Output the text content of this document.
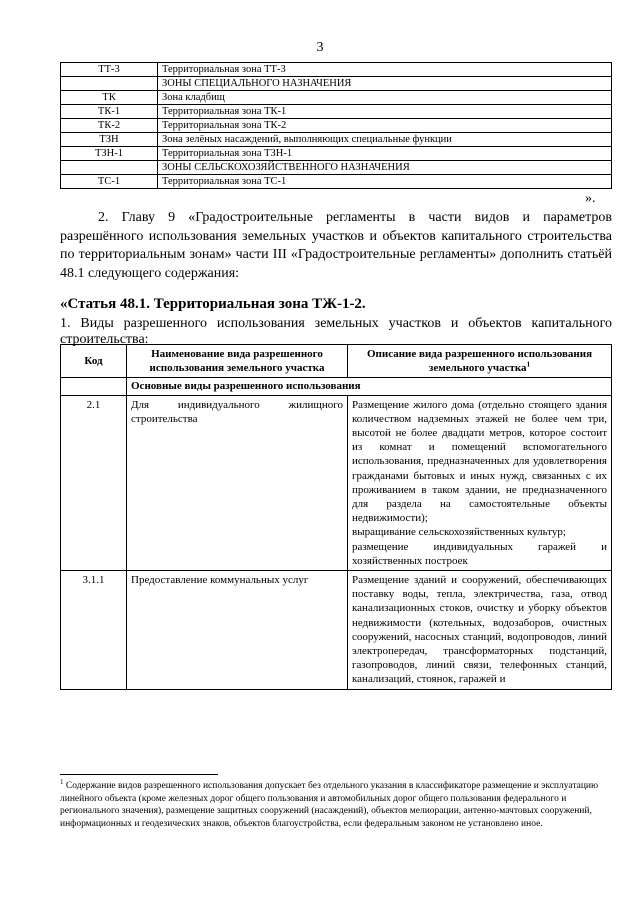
3
ТТ-3	Территориальная зона ТТ-3
	ЗОНЫ СПЕЦИАЛЬНОГО НАЗНАЧЕНИЯ
ТК	Зона кладбищ
ТК-1	Территориальная зона ТК-1
ТК-2	Территориальная зона ТК-2
ТЗН	Зона зелёных насаждений, выполняющих специальные функции
ТЗН-1	Территориальная зона ТЗН-1
	ЗОНЫ СЕЛЬСКОХОЗЯЙСТВЕННОГО НАЗНАЧЕНИЯ
ТС-1	Территориальная зона ТС-1
».

2. Главу 9 «Градостроительные регламенты в части видов и параметров разрешённого использования земельных участков и объектов капитального строительства по территориальным зонам» части III «Градостроительные регламенты» дополнить статьёй 48.1 следующего содержания:

«Статья 48.1. Территориальная зона ТЖ-1-2.

1. Виды разрешенного использования земельных участков и объектов капитального строительства:

Код	Наименование вида разрешенного использования земельного участка	Описание вида разрешенного использования земельного участка$^1$
	Основные виды разрешенного использования	
2.1	Для индивидуального жилищного строительства	Размещение жилого дома (отдельно стоящего здания количеством надземных этажей не более чем три, высотой не более двадцати метров, которое состоит из комнат и помещений вспомогательного использования, предназначенных для удовлетворения гражданами бытовых и иных нужд, связанных с их проживанием в таком здании, не предназначенного для раздела на самостоятельные объекты недвижимости);
выращивание сельскохозяйственных культур;
размещение индивидуальных гаражей и хозяйственных построек

3.1.1	Предоставление коммунальных услуг	Размещение зданий и сооружений, обеспечивающих поставку воды, тепла, электричества, газа, отвод канализационных стоков, очистку и уборку объектов недвижимости (котельных, водозаборов, очистных сооружений, насосных станций, водопроводов, линий электропередач, трансформаторных подстанций, газопроводов, линий связи, телефонных станций, канализаций, стоянок, гаражей и

$^1$ Содержание видов разрешенного использования допускает без отдельного указания в классификаторе размещение и эксплуатацию линейного объекта (кроме железных дорог общего пользования и автомобильных дорог общего пользования федерального и регионального значения), размещение защитных сооружений (насаждений), объектов мелиорации, антенно-мачтовых сооружений, информационных и геодезических знаков, объектов благоустройства, если федеральным законом не установлено иное.
